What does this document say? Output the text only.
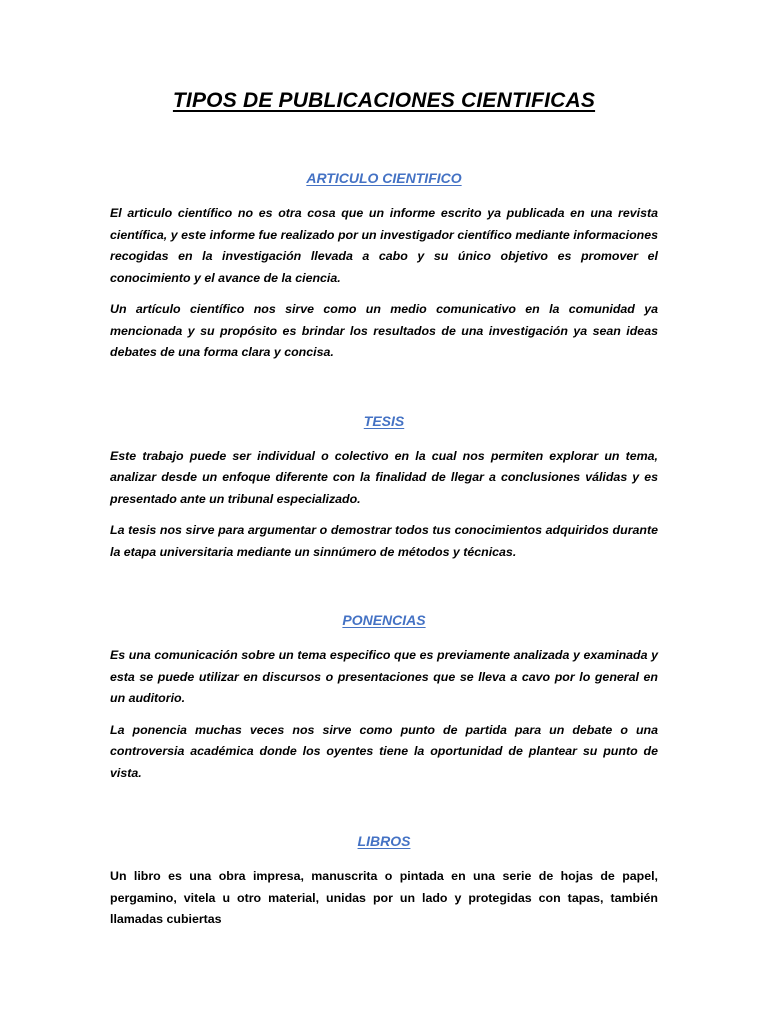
TIPOS DE PUBLICACIONES CIENTIFICAS
ARTICULO CIENTIFICO

El articulo científico no es otra cosa que un informe escrito ya publicada en una revista científica, y este informe fue realizado por un investigador científico mediante informaciones recogidas en la investigación llevada a cabo y su único objetivo es promover el conocimiento y el avance de la ciencia.

Un artículo científico nos sirve como un medio comunicativo en la comunidad ya mencionada y su propósito es brindar los resultados de una investigación ya sean ideas debates de una forma clara y concisa.

TESIS

Este trabajo puede ser individual o colectivo en la cual nos permiten explorar un tema, analizar desde un enfoque diferente con la finalidad de llegar a conclusiones válidas y es presentado ante un tribunal especializado.

La tesis nos sirve para argumentar o demostrar todos tus conocimientos adquiridos durante la etapa universitaria mediante un sinnúmero de métodos y técnicas.

PONENCIAS

Es una comunicación sobre un tema especifico que es previamente analizada y examinada y esta se puede utilizar en discursos o presentaciones que se lleva a cavo por lo general en un auditorio.

La ponencia muchas veces nos sirve como punto de partida para un debate o una controversia académica donde los oyentes tiene la oportunidad de plantear su punto de vista.

LIBROS

Un libro es una obra impresa, manuscrita o pintada en una serie de hojas de papel, pergamino, vitela u otro material, unidas por un lado y protegidas con tapas, también llamadas cubiertas
